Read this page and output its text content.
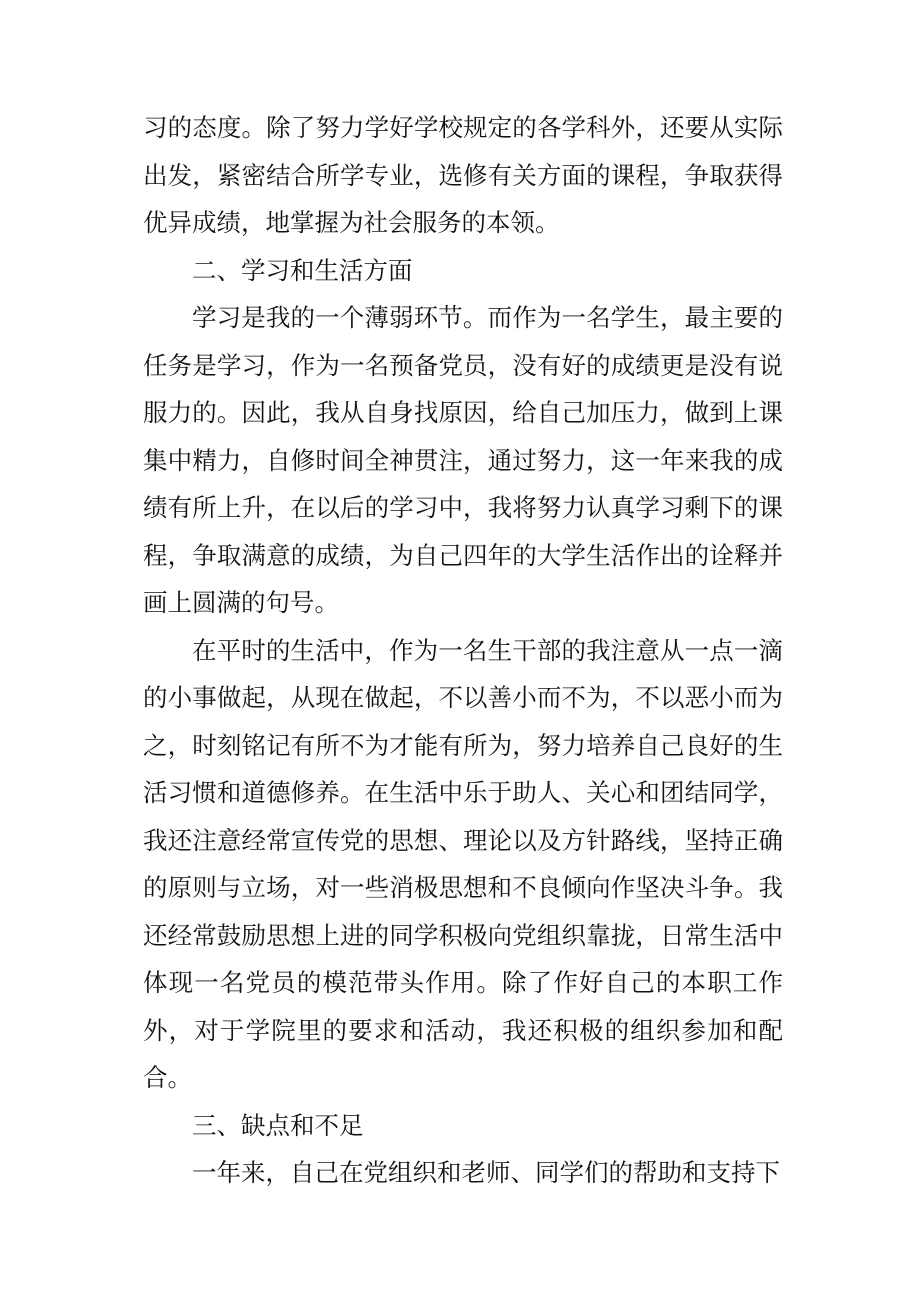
习的态度。除了努力学好学校规定的各学科外，还要从实际出发，紧密结合所学专业，选修有关方面的课程，争取获得优异成绩，地掌握为社会服务的本领。

二、学习和生活方面

学习是我的一个薄弱环节。而作为一名学生，最主要的任务是学习，作为一名预备党员，没有好的成绩更是没有说服力的。因此，我从自身找原因，给自己加压力，做到上课集中精力，自修时间全神贯注，通过努力，这一年来我的成绩有所上升，在以后的学习中，我将努力认真学习剩下的课程，争取满意的成绩，为自己四年的大学生活作出的诠释并画上圆满的句号。

在平时的生活中，作为一名生干部的我注意从一点一滴的小事做起，从现在做起，不以善小而不为，不以恶小而为之，时刻铭记有所不为才能有所为，努力培养自己良好的生活习惯和道德修养。在生活中乐于助人、关心和团结同学，我还注意经常宣传党的思想、理论以及方针路线，坚持正确的原则与立场，对一些消极思想和不良倾向作坚决斗争。我还经常鼓励思想上进的同学积极向党组织靠拢，日常生活中体现一名党员的模范带头作用。除了作好自己的本职工作外，对于学院里的要求和活动，我还积极的组织参加和配合。

三、缺点和不足

一年来，自己在党组织和老师、同学们的帮助和支持下
